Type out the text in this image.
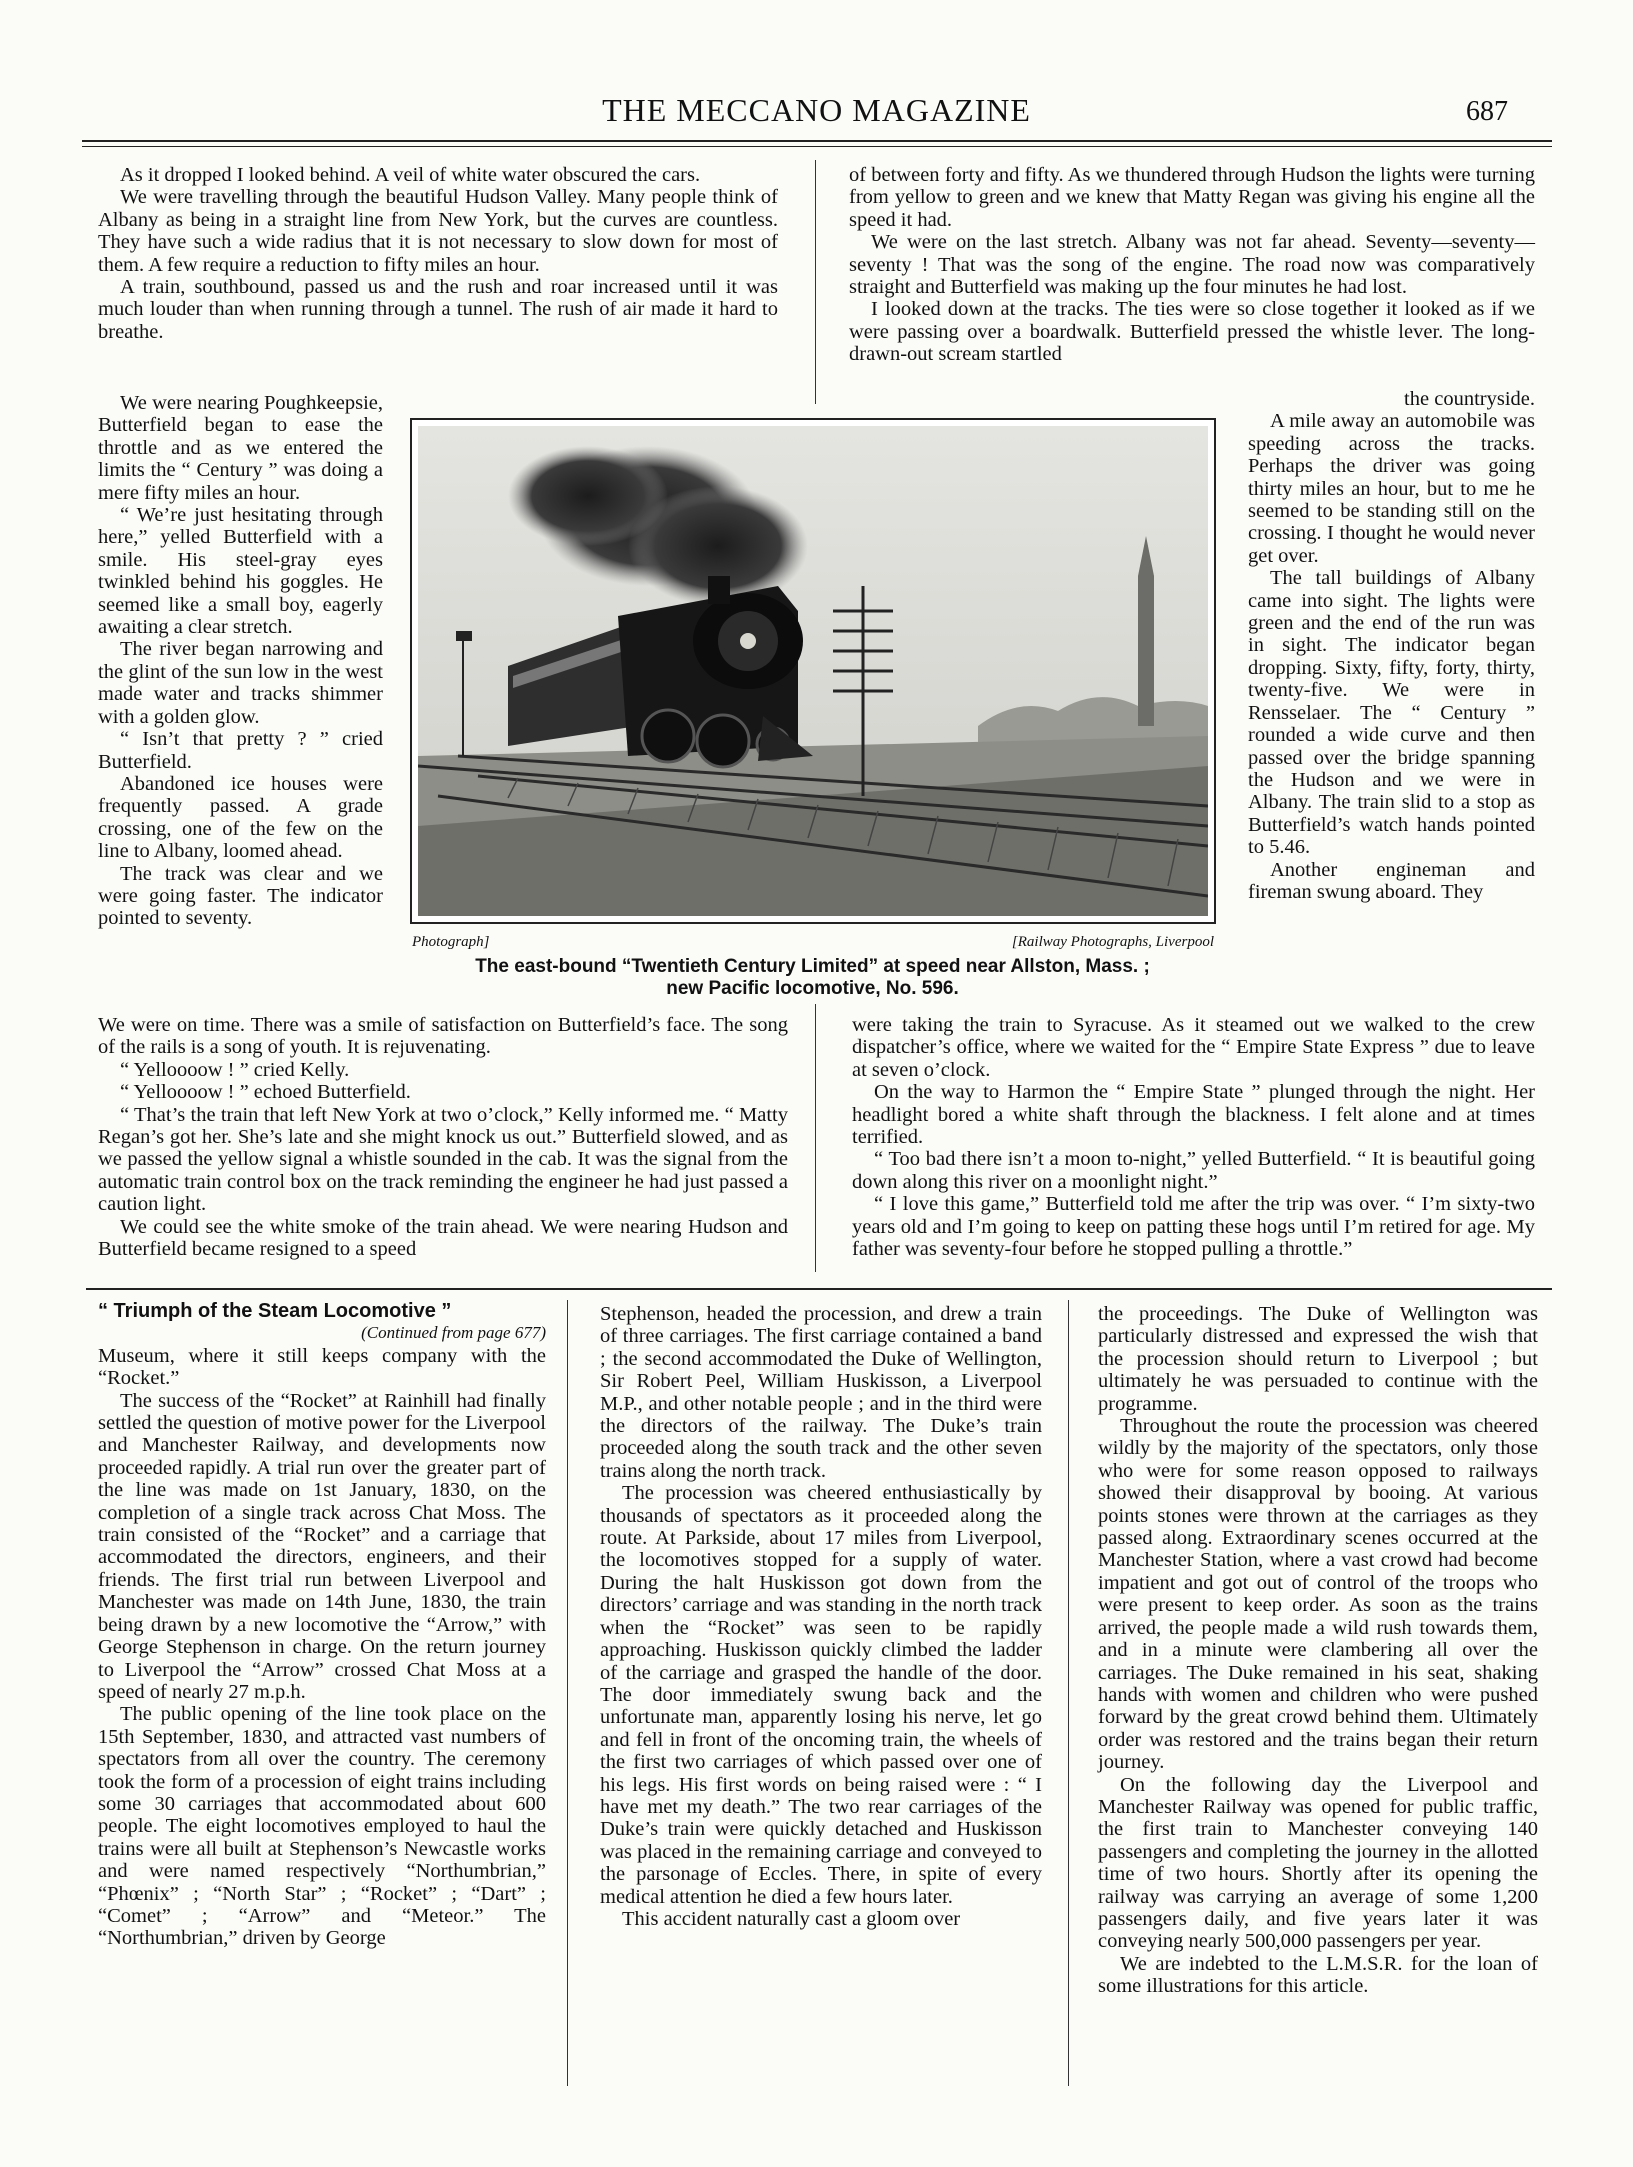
THE MECCANO MAGAZINE	687

As it dropped I looked behind. A veil of white water obscured the cars.

We were travelling through the beautiful Hudson Valley. Many people think of Albany as being in a straight line from New York, but the curves are countless. They have such a wide radius that it is not necessary to slow down for most of them. A few require a reduction to fifty miles an hour.

A train, southbound, passed us and the rush and roar increased until it was much louder than when running through a tunnel. The rush of air made it hard to breathe.

We were nearing Poughkeepsie, Butterfield began to ease the throttle and as we entered the limits the “ Century ” was doing a mere fifty miles an hour.

“ We’re just hesitating through here,” yelled Butterfield with a smile. His steel-gray eyes twinkled behind his goggles. He seemed like a small boy, eagerly awaiting a clear stretch.

The river began narrowing and the glint of the sun low in the west made water and tracks shimmer with a golden glow.

“ Isn’t that pretty ? ” cried Butterfield.

Abandoned ice houses were frequently passed. A grade crossing, one of the few on the line to Albany, loomed ahead.

The track was clear and we were going faster. The indicator pointed to seventy.

We were on time. There was a smile of satisfaction on Butterfield’s face. The song of the rails is a song of youth. It is rejuvenating.

“ Yelloooow ! ” cried Kelly.

“ Yelloooow ! ” echoed Butterfield.

“ That’s the train that left New York at two o’clock,” Kelly informed me. “ Matty Regan’s got her. She’s late and she might knock us out.” Butterfield slowed, and as we passed the yellow signal a whistle sounded in the cab. It was the signal from the automatic train control box on the track reminding the engineer he had just passed a caution light.

We could see the white smoke of the train ahead. We were nearing Hudson and Butterfield became resigned to a speed

of between forty and fifty. As we thundered through Hudson the lights were turning from yellow to green and we knew that Matty Regan was giving his engine all the speed it had.

We were on the last stretch. Albany was not far ahead. Seventy—seventy—seventy ! That was the song of the engine. The road now was comparatively straight and Butterfield was making up the four minutes he had lost.

I looked down at the tracks. The ties were so close together it looked as if we were passing over a boardwalk. Butterfield pressed the whistle lever. The long-drawn-out scream startled

the countryside.

A mile away an automobile was speeding across the tracks. Perhaps the driver was going thirty miles an hour, but to me he seemed to be standing still on the crossing. I thought he would never get over.

The tall buildings of Albany came into sight. The lights were green and the end of the run was in sight. The indicator began dropping. Sixty, fifty, forty, thirty, twenty-five. We were in Rensselaer. The “ Century ” rounded a wide curve and then passed over the bridge spanning the Hudson and we were in Albany. The train slid to a stop as Butterfield’s watch hands pointed to 5.46.

Another engineman and fireman swung aboard. They

were taking the train to Syracuse. As it steamed out we walked to the crew dispatcher’s office, where we waited for the “ Empire State Express ” due to leave at seven o’clock.

On the way to Harmon the “ Empire State ” plunged through the night. Her headlight bored a white shaft through the blackness. I felt alone and at times terrified.

“ Too bad there isn’t a moon to-night,” yelled Butterfield. “ It is beautiful going down along this river on a moonlight night.”

“ I love this game,” Butterfield told me after the trip was over. “ I’m sixty-two years old and I’m going to keep on patting these hogs until I’m retired for age. My father was seventy-four before he stopped pulling a throttle.”

Photograph]	[Railway Photographs, Liverpool
The east-bound “Twentieth Century Limited” at speed near Allston, Mass. ;
new Pacific locomotive, No. 596.

“ Triumph of the Steam Locomotive ”

(Continued from page 677)

Museum, where it still keeps company with the “Rocket.”

The success of the “Rocket” at Rainhill had finally settled the question of motive power for the Liverpool and Manchester Railway, and developments now proceeded rapidly. A trial run over the greater part of the line was made on 1st January, 1830, on the completion of a single track across Chat Moss. The train consisted of the “Rocket” and a carriage that accommodated the directors, engineers, and their friends. The first trial run between Liverpool and Manchester was made on 14th June, 1830, the train being drawn by a new locomotive the “Arrow,” with George Stephenson in charge. On the return journey to Liverpool the “Arrow” crossed Chat Moss at a speed of nearly 27 m.p.h.

The public opening of the line took place on the 15th September, 1830, and attracted vast numbers of spectators from all over the country. The ceremony took the form of a procession of eight trains including some 30 carriages that accommodated about 600 people. The eight locomotives employed to haul the trains were all built at Stephenson’s Newcastle works and were named respectively “Northumbrian,” “Phœnix” ; “North Star” ; “Rocket” ; “Dart” ; “Comet” ; “Arrow” and “Meteor.” The “Northumbrian,” driven by George

Stephenson, headed the procession, and drew a train of three carriages. The first carriage contained a band ; the second accommodated the Duke of Wellington, Sir Robert Peel, William Huskisson, a Liverpool M.P., and other notable people ; and in the third were the directors of the railway. The Duke’s train proceeded along the south track and the other seven trains along the north track.

The procession was cheered enthusiastically by thousands of spectators as it proceeded along the route. At Parkside, about 17 miles from Liverpool, the locomotives stopped for a supply of water. During the halt Huskisson got down from the directors’ carriage and was standing in the north track when the “Rocket” was seen to be rapidly approaching. Huskisson quickly climbed the ladder of the carriage and grasped the handle of the door. The door immediately swung back and the unfortunate man, apparently losing his nerve, let go and fell in front of the oncoming train, the wheels of the first two carriages of which passed over one of his legs. His first words on being raised were : “ I have met my death.” The two rear carriages of the Duke’s train were quickly detached and Huskisson was placed in the remaining carriage and conveyed to the parsonage of Eccles. There, in spite of every medical attention he died a few hours later.

This accident naturally cast a gloom over

the proceedings. The Duke of Wellington was particularly distressed and expressed the wish that the procession should return to Liverpool ; but ultimately he was persuaded to continue with the programme.

Throughout the route the procession was cheered wildly by the majority of the spectators, only those who were for some reason opposed to railways showed their disapproval by booing. At various points stones were thrown at the carriages as they passed along. Extraordinary scenes occurred at the Manchester Station, where a vast crowd had become impatient and got out of control of the troops who were present to keep order. As soon as the trains arrived, the people made a wild rush towards them, and in a minute were clambering all over the carriages. The Duke remained in his seat, shaking hands with women and children who were pushed forward by the great crowd behind them. Ultimately order was restored and the trains began their return journey.

On the following day the Liverpool and Manchester Railway was opened for public traffic, the first train to Manchester conveying 140 passengers and completing the journey in the allotted time of two hours. Shortly after its opening the railway was carrying an average of some 1,200 passengers daily, and five years later it was conveying nearly 500,000 passengers per year.

We are indebted to the L.M.S.R. for the loan of some illustrations for this article.
